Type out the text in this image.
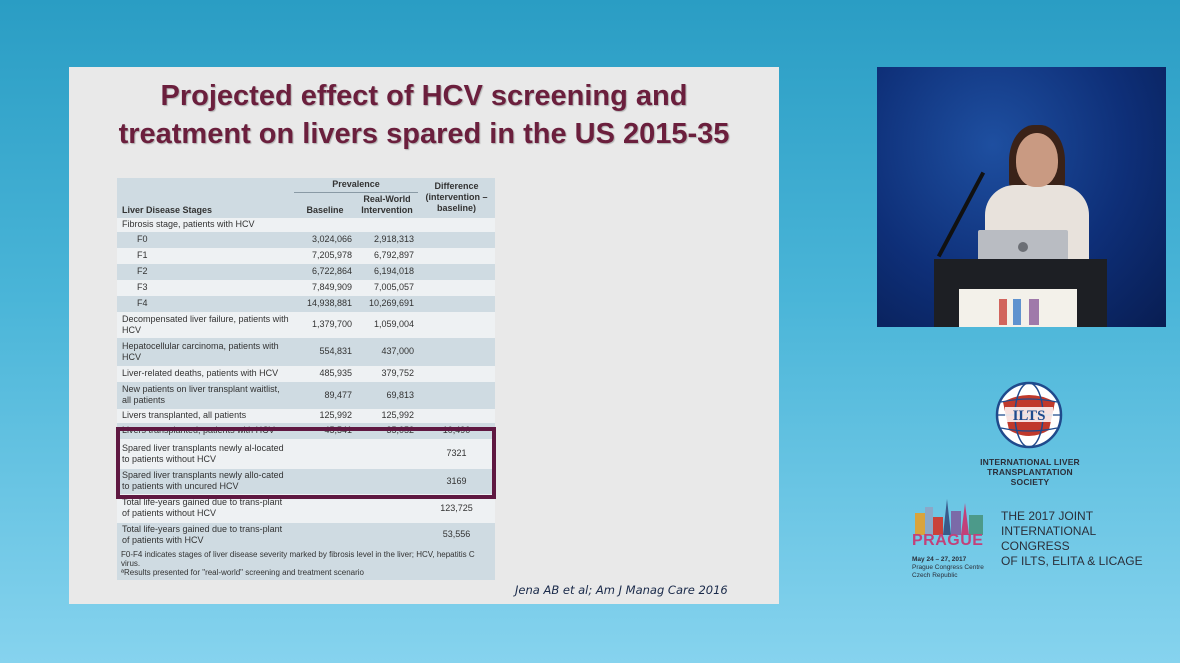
Projected effect of HCV screening and
treatment on livers spared in the US 2015-35
	Prevalence		Difference (intervention – baseline)
Liver Disease Stages	Baseline	Real-World Intervention	
Fibrosis stage, patients with HCV			
F0	3,024,066	2,918,313	
F1	7,205,978	6,792,897	
F2	6,722,864	6,194,018	
F3	7,849,909	7,005,057	
F4	14,938,881	10,269,691	
Decompensated liver failure, patients with HCV	1,379,700	1,059,004	
Hepatocellular carcinoma, patients with HCV	554,831	437,000	
Liver-related deaths, patients with HCV	485,935	379,752	
New patients on liver transplant waitlist, all patients	89,477	69,813	
Livers transplanted, all patients	125,992	125,992	
Livers transplanted, patients with HCV	45,541	35,052	10,490
Spared liver transplants newly al-located to patients without HCV			7321
Spared liver transplants newly allo-cated to patients with uncured HCV			3169
Total life-years gained due to trans-plant of patients without HCV			123,725
Total life-years gained due to trans-plant of patients with HCV			53,556

F0-F4 indicates stages of liver disease severity marked by fibrosis level in the liver; HCV, hepatitis C virus.
ªResults presented for "real-world" screening and treatment scenario			
Jena AB et al; Am J Manag Care 2016
ILTS
INTERNATIONAL LIVER TRANSPLANTATION SOCIETY
PRAGUE
May 24 – 27, 2017
Prague Congress Centre
Czech Republic
THE 2017 JOINT
INTERNATIONAL CONGRESS
OF ILTS, ELITA & LICAGE
